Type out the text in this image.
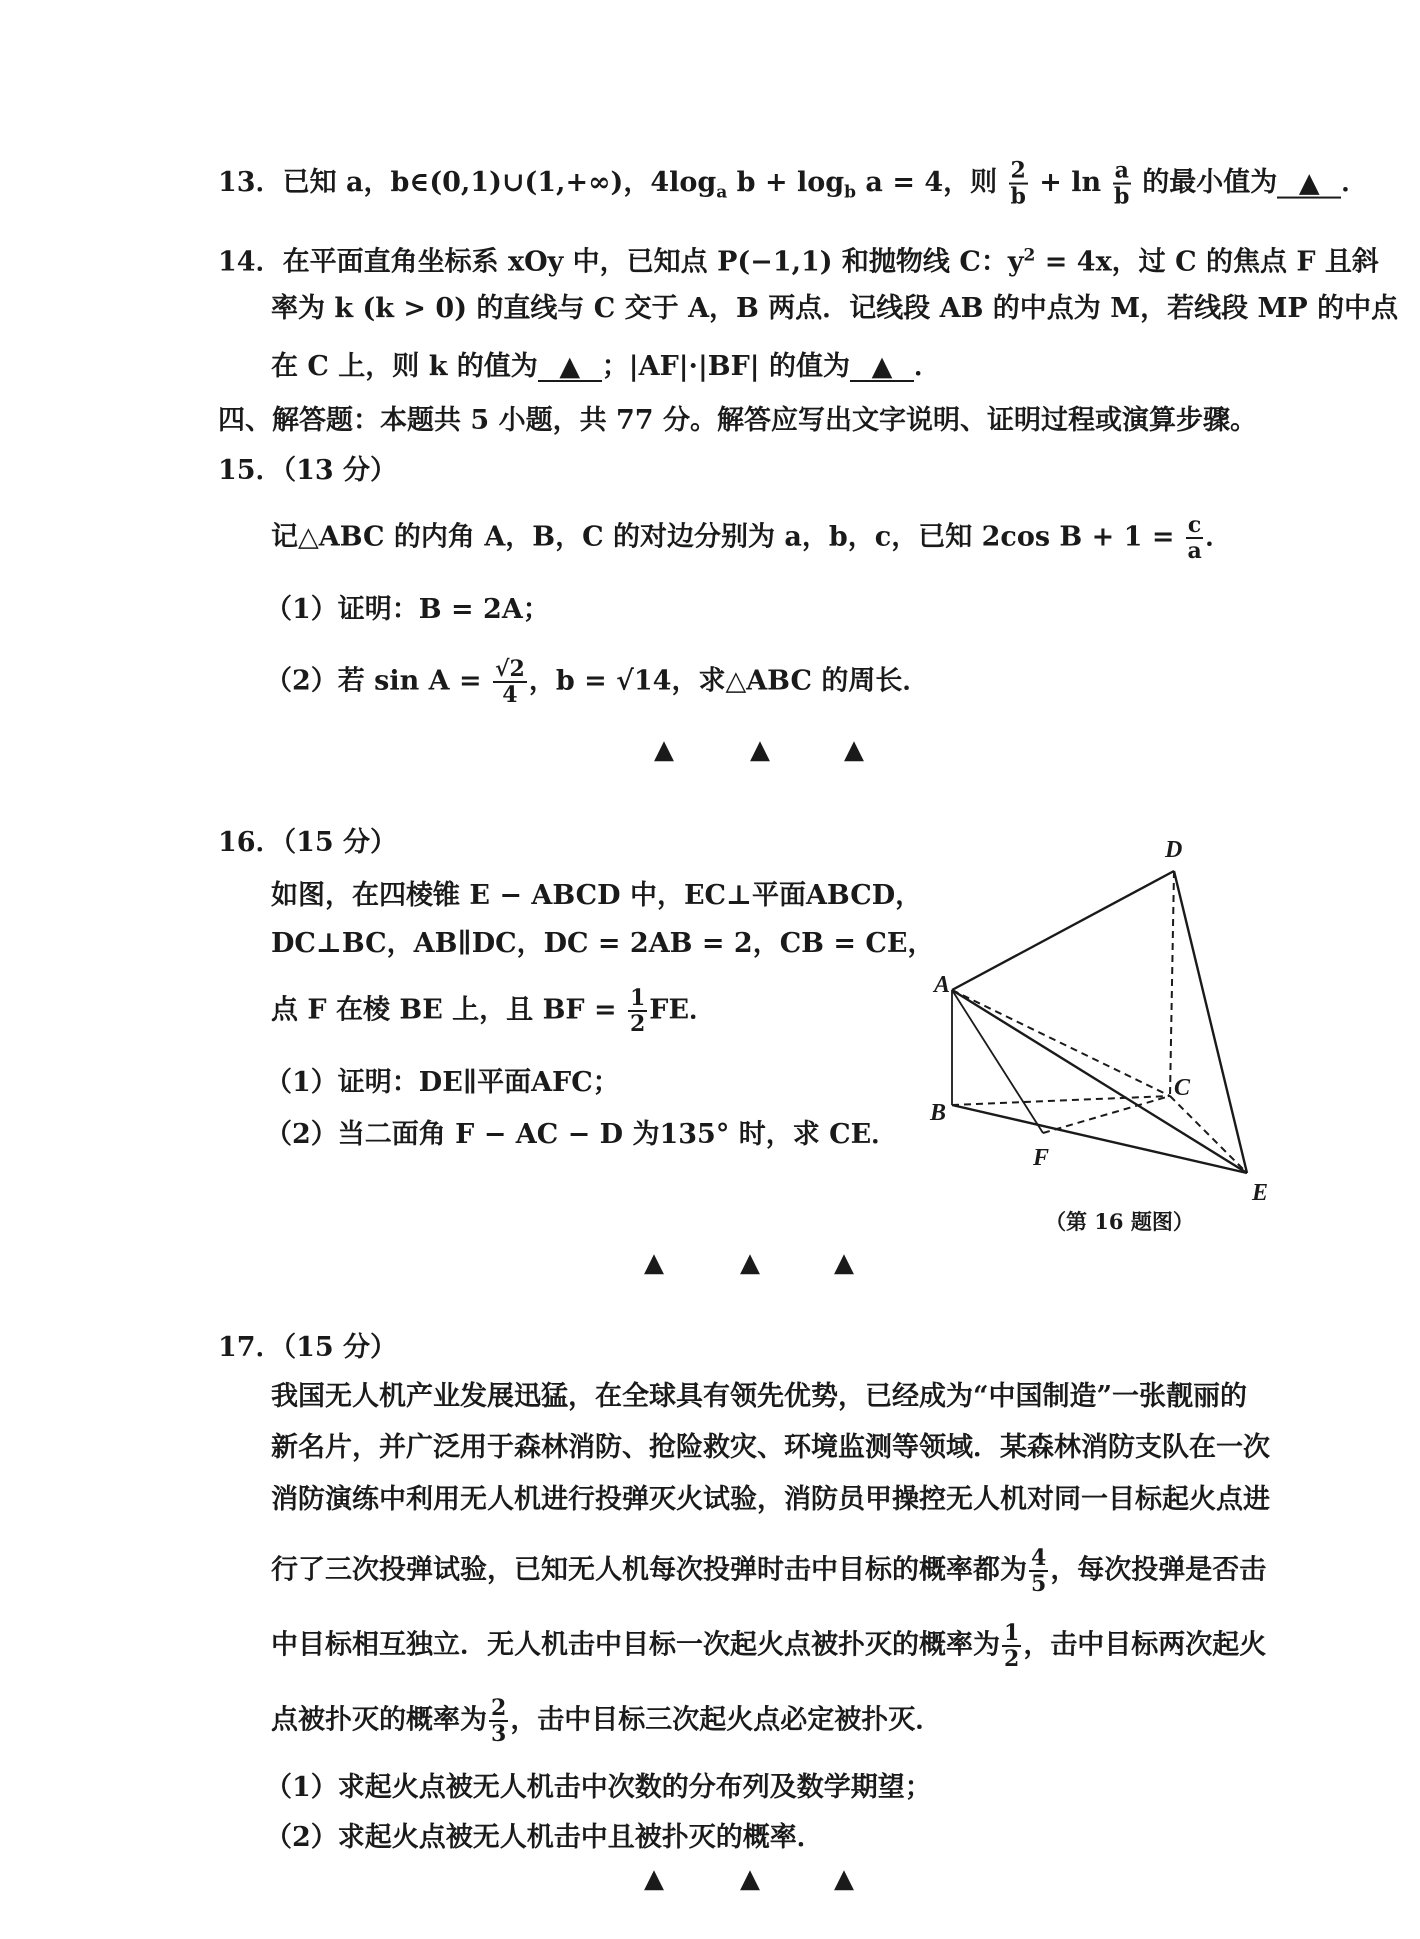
13．已知 a，b∈(0,1)∪(1,+∞)，$4\log_a$ $b + \log_b a = 4$，则 $\frac{2}{b} + \ln \frac{a}{b}$ 的最小值为 ▲ ．
14．在平面直角坐标系 xOy 中，已知点 P(−1,1) 和抛物线 C：$y^2 = 4x$，过 C 的焦点 F 且斜
率为 k (k > 0) 的直线与 C 交于 A，B 两点．记线段 AB 的中点为 M，若线段 MP 的中点
在 C 上，则 k 的值为 ▲ ；|AF|·|BF| 的值为 ▲ ．
四、解答题：本题共 5 小题，共 77 分。解答应写出文字说明、证明过程或演算步骤。
15．（13 分）
记△ABC 的内角 A，B，C 的对边分别为 a，b，c，已知 2cos $B + 1 = \frac{c}{a}$ ．
（1）证明：B = 2A；
（2）若 $\sin A = \frac{√2}{4}$ ，b = √14，求△ABC 的周长．
16．（15 分）
如图，在四棱锥 E − ABCD 中，EC⊥平面ABCD，
DC⊥BC，AB∥DC，DC = 2AB = 2，CB = CE，
点 F 在棱 BE 上，且 BF = $\frac{1}{2}$ FE．
（1）证明：DE∥平面AFC；
（2）当二面角 F − AC − D 为135° 时，求 CE．
17．（15 分）
我国无人机产业发展迅猛，在全球具有领先优势，已经成为“中国制造”一张靓丽的
新名片，并广泛用于森林消防、抢险救灾、环境监测等领域．某森林消防支队在一次
消防演练中利用无人机进行投弹灭火试验，消防员甲操控无人机对同一目标起火点进
行了三次投弹试验，已知无人机每次投弹时击中目标的概率都为 $\frac{4}{5}$ ，每次投弹是否击
中目标相互独立．无人机击中目标一次起火点被扑灭的概率为 $\frac{1}{2}$ ，击中目标两次起火
点被扑灭的概率为 $\frac{2}{3}$ ，击中目标三次起火点必定被扑灭．
（1）求起火点被无人机击中次数的分布列及数学期望；
（2）求起火点被无人机击中且被扑灭的概率．
▲	▲	▲
▲	▲	▲
▲	▲	▲
D
A
B
C
F
E
（第 16 题图）
